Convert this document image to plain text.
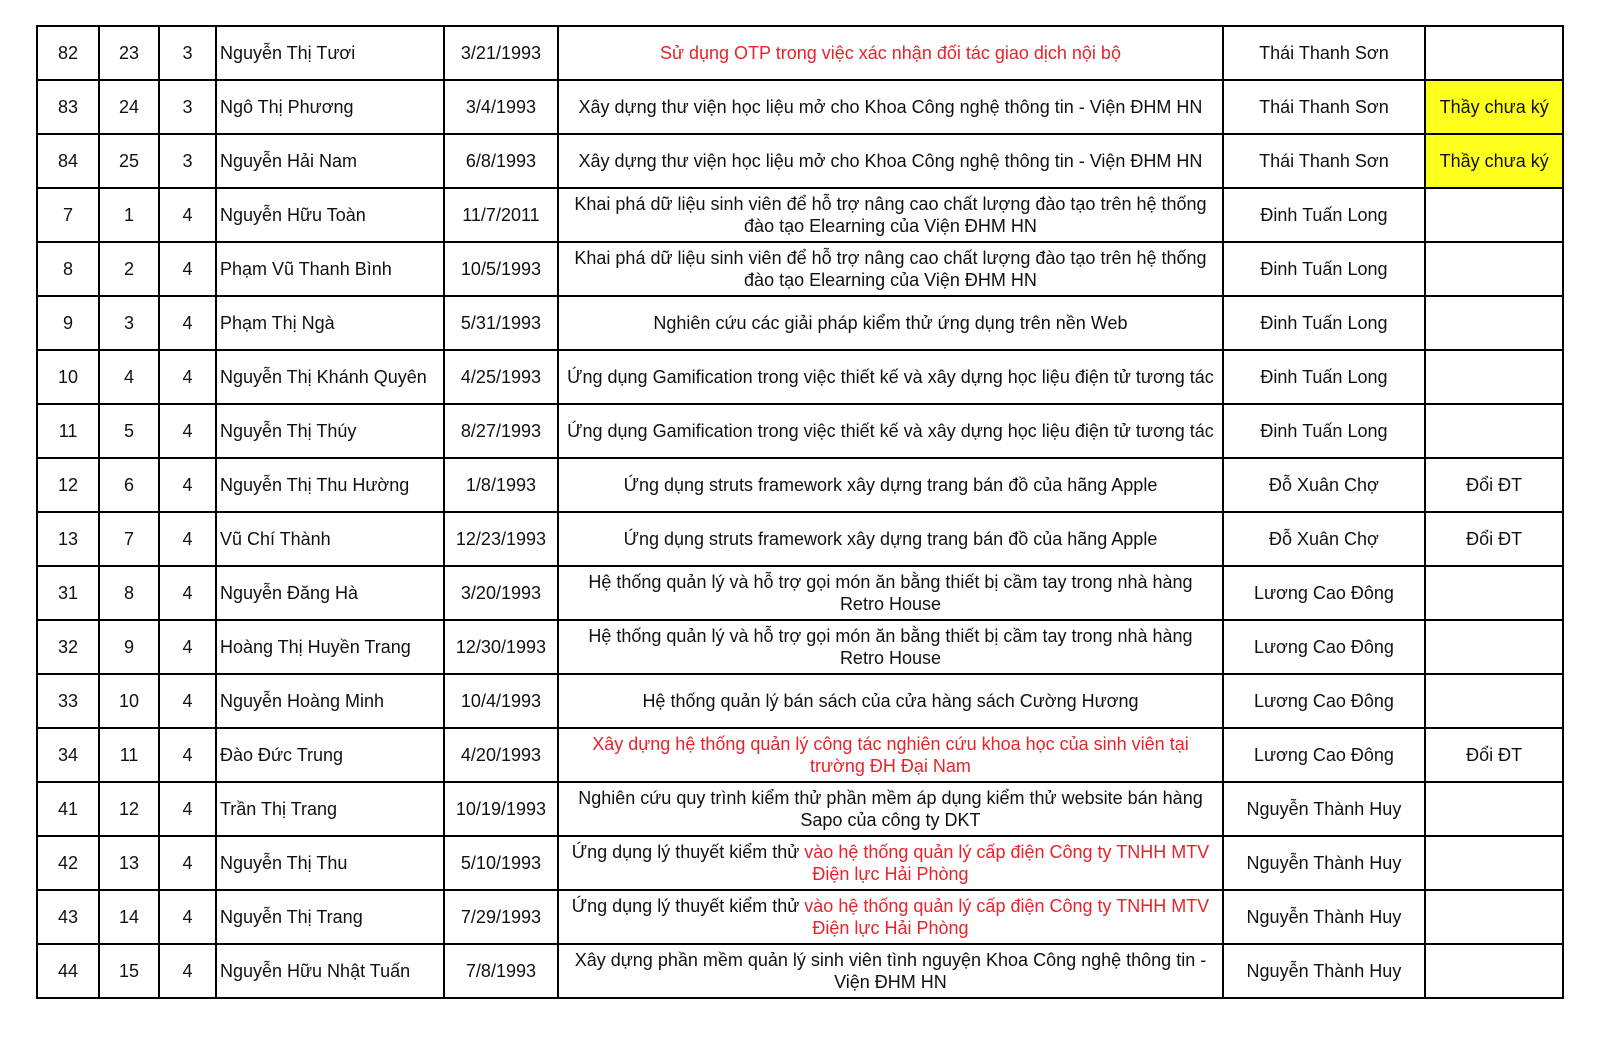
82	23	3	Nguyễn Thị Tươi	3/21/1993	Sử dụng OTP trong việc xác nhận đối tác giao dịch nội bộ	Thái Thanh Sơn	
83	24	3	Ngô Thị Phương	3/4/1993	Xây dựng thư viện học liệu mở cho Khoa Công nghệ thông tin - Viện ĐHM HN	Thái Thanh Sơn	Thầy chưa ký
84	25	3	Nguyễn Hải Nam	6/8/1993	Xây dựng thư viện học liệu mở cho Khoa Công nghệ thông tin - Viện ĐHM HN	Thái Thanh Sơn	Thầy chưa ký
7	1	4	Nguyễn Hữu Toàn	11/7/2011	Khai phá dữ liệu sinh viên để hỗ trợ nâng cao chất lượng đào tạo trên hệ thống đào tạo Elearning của Viện ĐHM HN	Đinh Tuấn Long	
8	2	4	Phạm Vũ Thanh Bình	10/5/1993	Khai phá dữ liệu sinh viên để hỗ trợ nâng cao chất lượng đào tạo trên hệ thống đào tạo Elearning của Viện ĐHM HN	Đinh Tuấn Long	
9	3	4	Phạm Thị Ngà	5/31/1993	Nghiên cứu các giải pháp kiểm thử ứng dụng trên nền Web	Đinh Tuấn Long	
10	4	4	Nguyễn Thị Khánh Quyên	4/25/1993	Ứng dụng Gamification trong việc thiết kế và xây dựng học liệu điện tử tương tác	Đinh Tuấn Long	
11	5	4	Nguyễn Thị Thúy	8/27/1993	Ứng dụng Gamification trong việc thiết kế và xây dựng học liệu điện tử tương tác	Đinh Tuấn Long	
12	6	4	Nguyễn Thị Thu Hường	1/8/1993	Ứng dụng struts framework xây dựng trang bán đồ của hãng Apple	Đỗ Xuân Chợ	Đổi ĐT
13	7	4	Vũ Chí Thành	12/23/1993	Ứng dụng struts framework xây dựng trang bán đồ của hãng Apple	Đỗ Xuân Chợ	Đổi ĐT
31	8	4	Nguyễn Đăng Hà	3/20/1993	Hệ thống quản lý và hỗ trợ gọi món ăn bằng thiết bị cầm tay trong nhà hàng Retro House	Lương Cao Đông	
32	9	4	Hoàng Thị Huyền Trang	12/30/1993	Hệ thống quản lý và hỗ trợ gọi món ăn bằng thiết bị cầm tay trong nhà hàng Retro House	Lương Cao Đông	
33	10	4	Nguyễn Hoàng Minh	10/4/1993	Hệ thống quản lý bán sách của cửa hàng sách Cường Hương	Lương Cao Đông	
34	11	4	Đào Đức Trung	4/20/1993	Xây dựng hệ thống quản lý công tác nghiên cứu khoa học của sinh viên tại trường ĐH Đại Nam	Lương Cao Đông	Đổi ĐT
41	12	4	Trần Thị Trang	10/19/1993	Nghiên cứu quy trình kiểm thử phần mềm áp dụng kiểm thử website bán hàng Sapo của công ty DKT	Nguyễn Thành Huy	
42	13	4	Nguyễn Thị Thu	5/10/1993	Ứng dụng lý thuyết kiểm thử vào hệ thống quản lý cấp điện Công ty TNHH MTV Điện lực Hải Phòng	Nguyễn Thành Huy	
43	14	4	Nguyễn Thị Trang	7/29/1993	Ứng dụng lý thuyết kiểm thử vào hệ thống quản lý cấp điện Công ty TNHH MTV Điện lực Hải Phòng	Nguyễn Thành Huy	
44	15	4	Nguyễn Hữu Nhật Tuấn	7/8/1993	Xây dựng phần mềm quản lý sinh viên tình nguyện Khoa Công nghệ thông tin - Viện ĐHM HN	Nguyễn Thành Huy	
